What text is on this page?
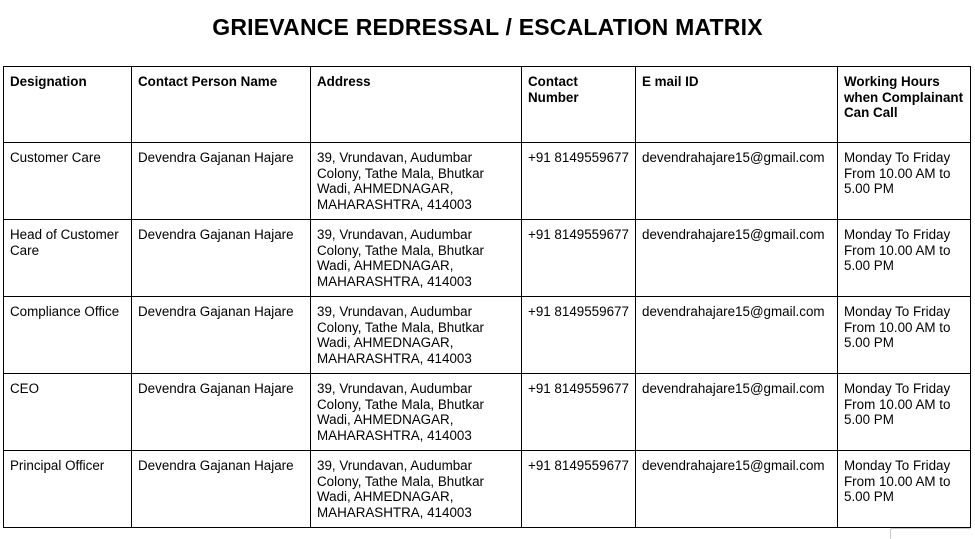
GRIEVANCE REDRESSAL / ESCALATION MATRIX
Designation	Contact Person Name	Address	Contact Number	E mail ID	Working Hours when Complainant Can Call
Customer Care	Devendra Gajanan Hajare	39, Vrundavan, Audumbar Colony, Tathe Mala, Bhutkar Wadi, AHMEDNAGAR, MAHARASHTRA, 414003	+91 8149559677	devendrahajare15@gmail.com	Monday To Friday From 10.00 AM to 5.00 PM
Head of Customer Care	Devendra Gajanan Hajare	39, Vrundavan, Audumbar Colony, Tathe Mala, Bhutkar Wadi, AHMEDNAGAR, MAHARASHTRA, 414003	+91 8149559677	devendrahajare15@gmail.com	Monday To Friday From 10.00 AM to 5.00 PM
Compliance Office	Devendra Gajanan Hajare	39, Vrundavan, Audumbar Colony, Tathe Mala, Bhutkar Wadi, AHMEDNAGAR, MAHARASHTRA, 414003	+91 8149559677	devendrahajare15@gmail.com	Monday To Friday From 10.00 AM to 5.00 PM
CEO	Devendra Gajanan Hajare	39, Vrundavan, Audumbar Colony, Tathe Mala, Bhutkar Wadi, AHMEDNAGAR, MAHARASHTRA, 414003	+91 8149559677	devendrahajare15@gmail.com	Monday To Friday From 10.00 AM to 5.00 PM
Principal Officer	Devendra Gajanan Hajare	39, Vrundavan, Audumbar Colony, Tathe Mala, Bhutkar Wadi, AHMEDNAGAR, MAHARASHTRA, 414003	+91 8149559677	devendrahajare15@gmail.com	Monday To Friday From 10.00 AM to 5.00 PM
